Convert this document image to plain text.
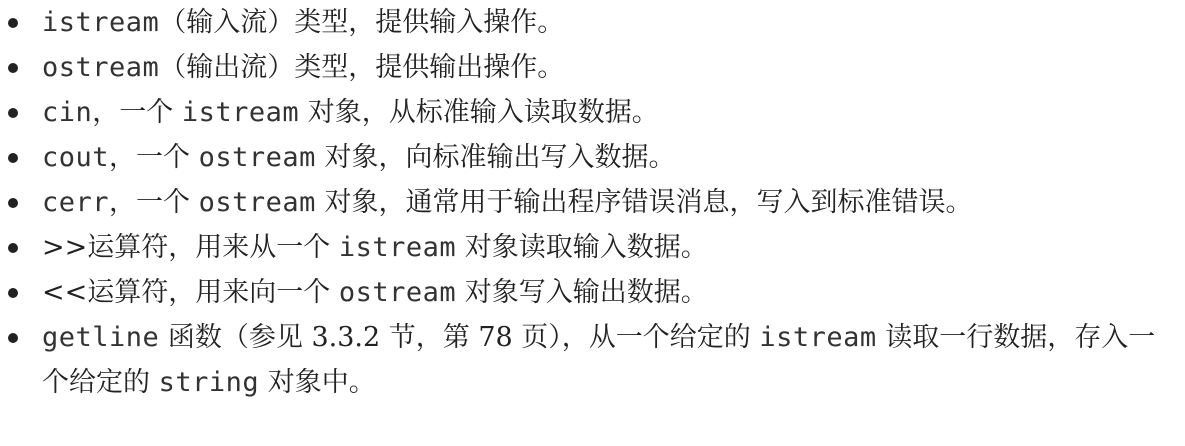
istream（输入流）类型，提供输入操作。
ostream（输出流）类型，提供输出操作。
cin，一个 istream 对象，从标准输入读取数据。
cout，一个 ostream 对象，向标准输出写入数据。
cerr，一个 ostream 对象，通常用于输出程序错误消息，写入到标准错误。
>>运算符，用来从一个 istream 对象读取输入数据。
<<运算符，用来向一个 ostream 对象写入输出数据。
getline 函数（参见 3.3.2 节，第 78 页），从一个给定的 istream 读取一行数据，存入一个给定的 string 对象中。
